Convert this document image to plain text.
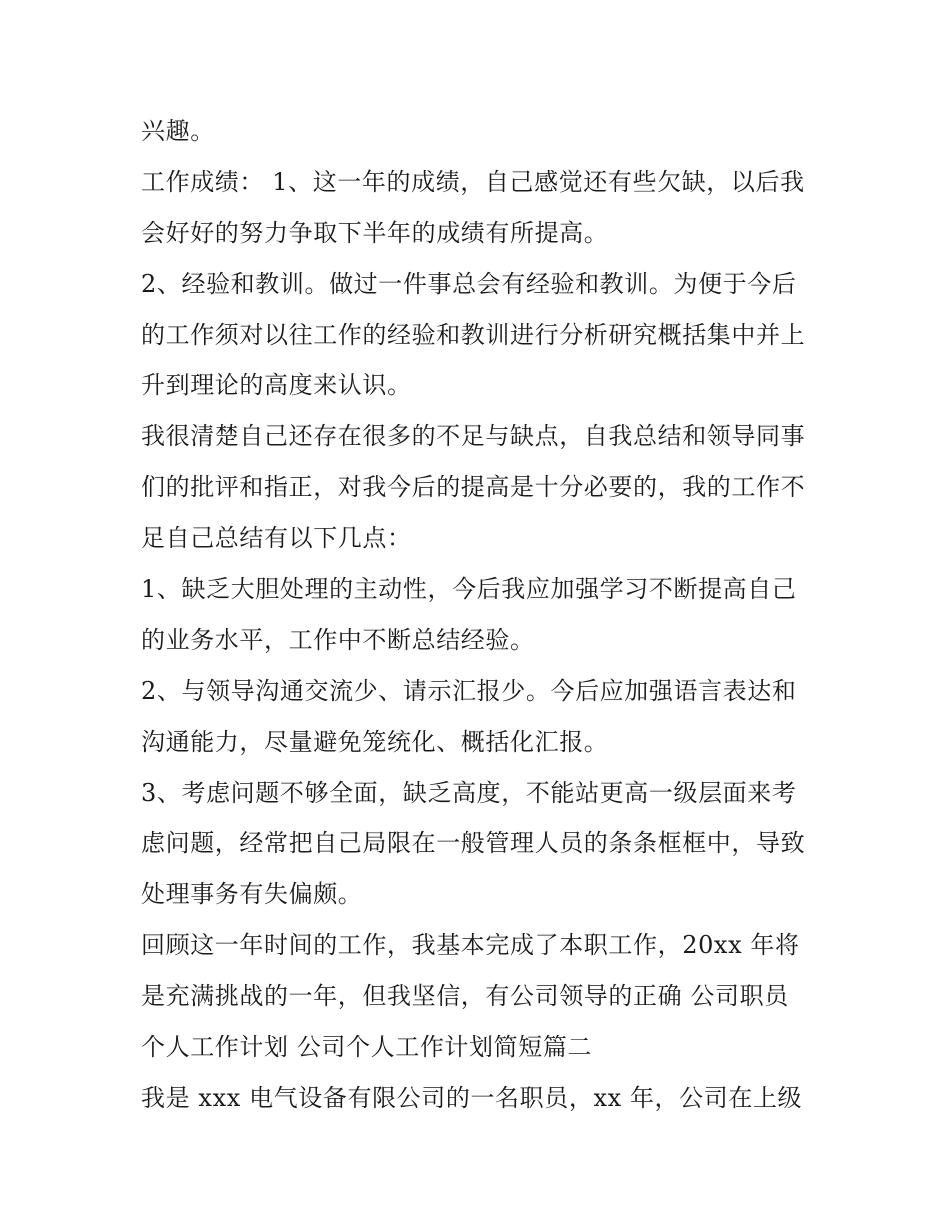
兴趣。
工作成绩： 1、这一年的成绩，自己感觉还有些欠缺，以后我
会好好的努力争取下半年的成绩有所提高。
2、经验和教训。做过一件事总会有经验和教训。为便于今后
的工作须对以往工作的经验和教训进行分析研究概括集中并上
升到理论的高度来认识。
我很清楚自己还存在很多的不足与缺点，自我总结和领导同事
们的批评和指正，对我今后的提高是十分必要的，我的工作不
足自己总结有以下几点：
1、缺乏大胆处理的主动性，今后我应加强学习不断提高自己
的业务水平，工作中不断总结经验。
2、与领导沟通交流少、请示汇报少。今后应加强语言表达和
沟通能力，尽量避免笼统化、概括化汇报。
3、考虑问题不够全面，缺乏高度，不能站更高一级层面来考
虑问题，经常把自己局限在一般管理人员的条条框框中，导致
处理事务有失偏颇。
回顾这一年时间的工作，我基本完成了本职工作，20xx 年将
是充满挑战的一年，但我坚信，有公司领导的正确 公司职员
个人工作计划 公司个人工作计划简短篇二
我是 xxx 电气设备有限公司的一名职员，xx 年，公司在上级
